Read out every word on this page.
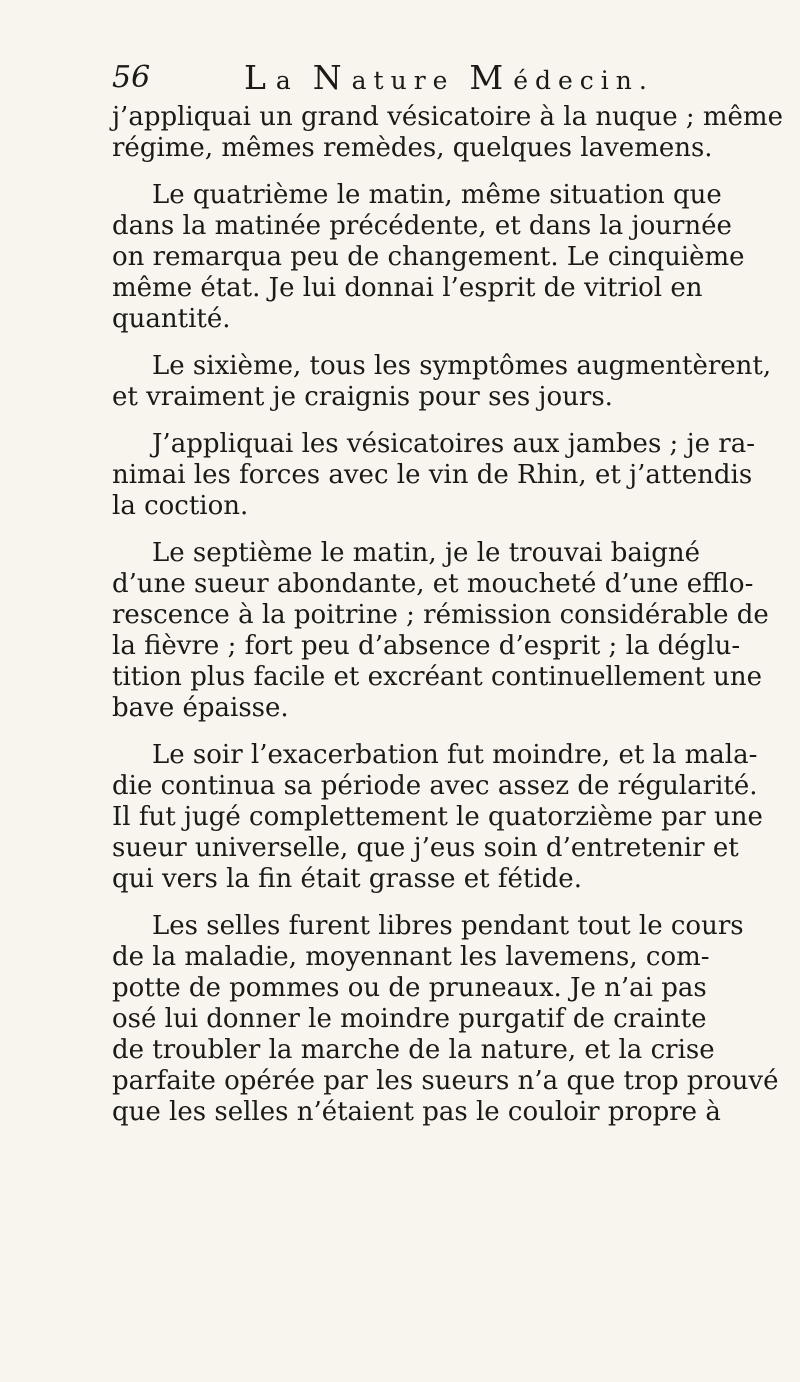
56	La Nature Médecin.
j’appliquai un grand vésicatoire à la nuque ; même
régime, mêmes remèdes, quelques lavemens.
Le quatrième le matin, même situation que
dans la matinée précédente, et dans la journée
on remarqua peu de changement. Le cinquième
même état. Je lui donnai l’esprit de vitriol en
quantité.
Le sixième, tous les symptômes augmentèrent,
et vraiment je craignis pour ses jours.
J’appliquai les vésicatoires aux jambes ; je ra-
nimai les forces avec le vin de Rhin, et j’attendis
la coction.
Le septième le matin, je le trouvai baigné
d’une sueur abondante, et moucheté d’une efflo-
rescence à la poitrine ; rémission considérable de
la fièvre ; fort peu d’absence d’esprit ; la déglu-
tition plus facile et excréant continuellement une
bave épaisse.
Le soir l’exacerbation fut moindre, et la mala-
die continua sa période avec assez de régularité.
Il fut jugé complettement le quatorzième par une
sueur universelle, que j’eus soin d’entretenir et
qui vers la fin était grasse et fétide.
Les selles furent libres pendant tout le cours
de la maladie, moyennant les lavemens, com-
potte de pommes ou de pruneaux. Je n’ai pas
osé lui donner le moindre purgatif de crainte
de troubler la marche de la nature, et la crise
parfaite opérée par les sueurs n’a que trop prouvé
que les selles n’étaient pas le couloir propre à
